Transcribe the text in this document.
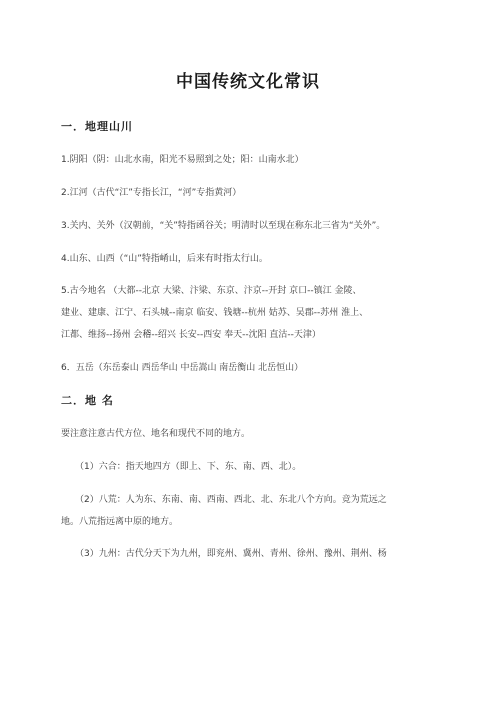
中国传统文化常识
一．地理山川
1.阴阳（阴：山北水南，阳光不易照到之处；阳：山南水北）
2.江河（古代“江”专指长江，“河”专指黄河）
3.关内、关外（汉朝前，“关”特指函谷关；明清时以至现在称东北三省为“关外”。
4.山东、山西（“山”特指崤山，后来有时指太行山。
5.古今地名 （大都--北京 大梁、汴梁、东京、汴京--开封 京口--镇江 金陵、
建业、建康、江宁、石头城--南京 临安、钱塘--杭州 姑苏、吴郡--苏州 淮上、
江都、维扬--扬州 会稽--绍兴 长安--西安 奉天--沈阳 直沽--天津）
6．五岳（东岳泰山 西岳华山 中岳嵩山 南岳衡山 北岳恒山）
二．地 名
要注意注意古代方位、地名和现代不同的地方。
（1）六合：指天地四方（即上、下、东、南、西、北）。
（2）八荒：人为东、东南、南、西南、西北、北、东北八个方向。竞为荒远之
地。八荒指远离中原的地方。
（3）九州：古代分天下为九州，即兖州、冀州、青州、徐州、豫州、荆州、杨
